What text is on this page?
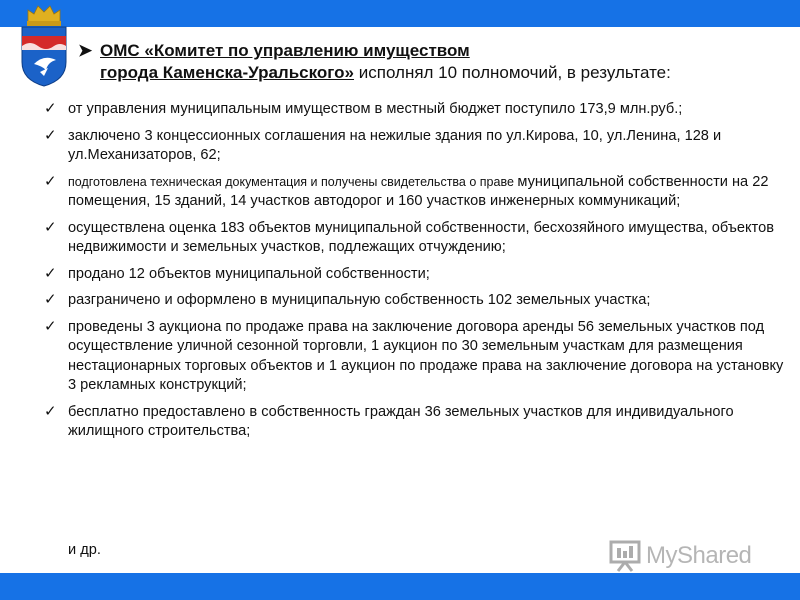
➤ ОМС «Комитет по управлению имуществом
города Каменска-Уральского» исполнял 10 полномочий, в результате:
✓ от управления муниципальным имуществом в местный бюджет поступило 173,9 млн.руб.;
✓ заключено 3 концессионных соглашения на нежилые здания по ул.Кирова, 10, ул.Ленина, 128 и ул.Механизаторов, 62;
✓ подготовлена техническая документация и получены свидетельства о праве муниципальной собственности на 22 помещения, 15 зданий, 14 участков автодорог и 160 участков инженерных коммуникаций;
✓ осуществлена оценка 183 объектов муниципальной собственности, бесхозяйного имущества, объектов недвижимости и земельных участков, подлежащих отчуждению;
✓ продано 12 объектов муниципальной собственности;
✓ разграничено и оформлено в муниципальную собственность 102 земельных участка;
✓ проведены 3 аукциона по продаже права на заключение договора аренды 56 земельных участков под осуществление уличной сезонной торговли, 1 аукцион по 30 земельным участкам для размещения нестационарных торговых объектов и 1 аукцион по продаже права на заключение договора на установку 3 рекламных конструкций;
✓ бесплатно предоставлено в собственность граждан 36 земельных участков для индивидуального жилищного строительства;
и др.	MyShared
